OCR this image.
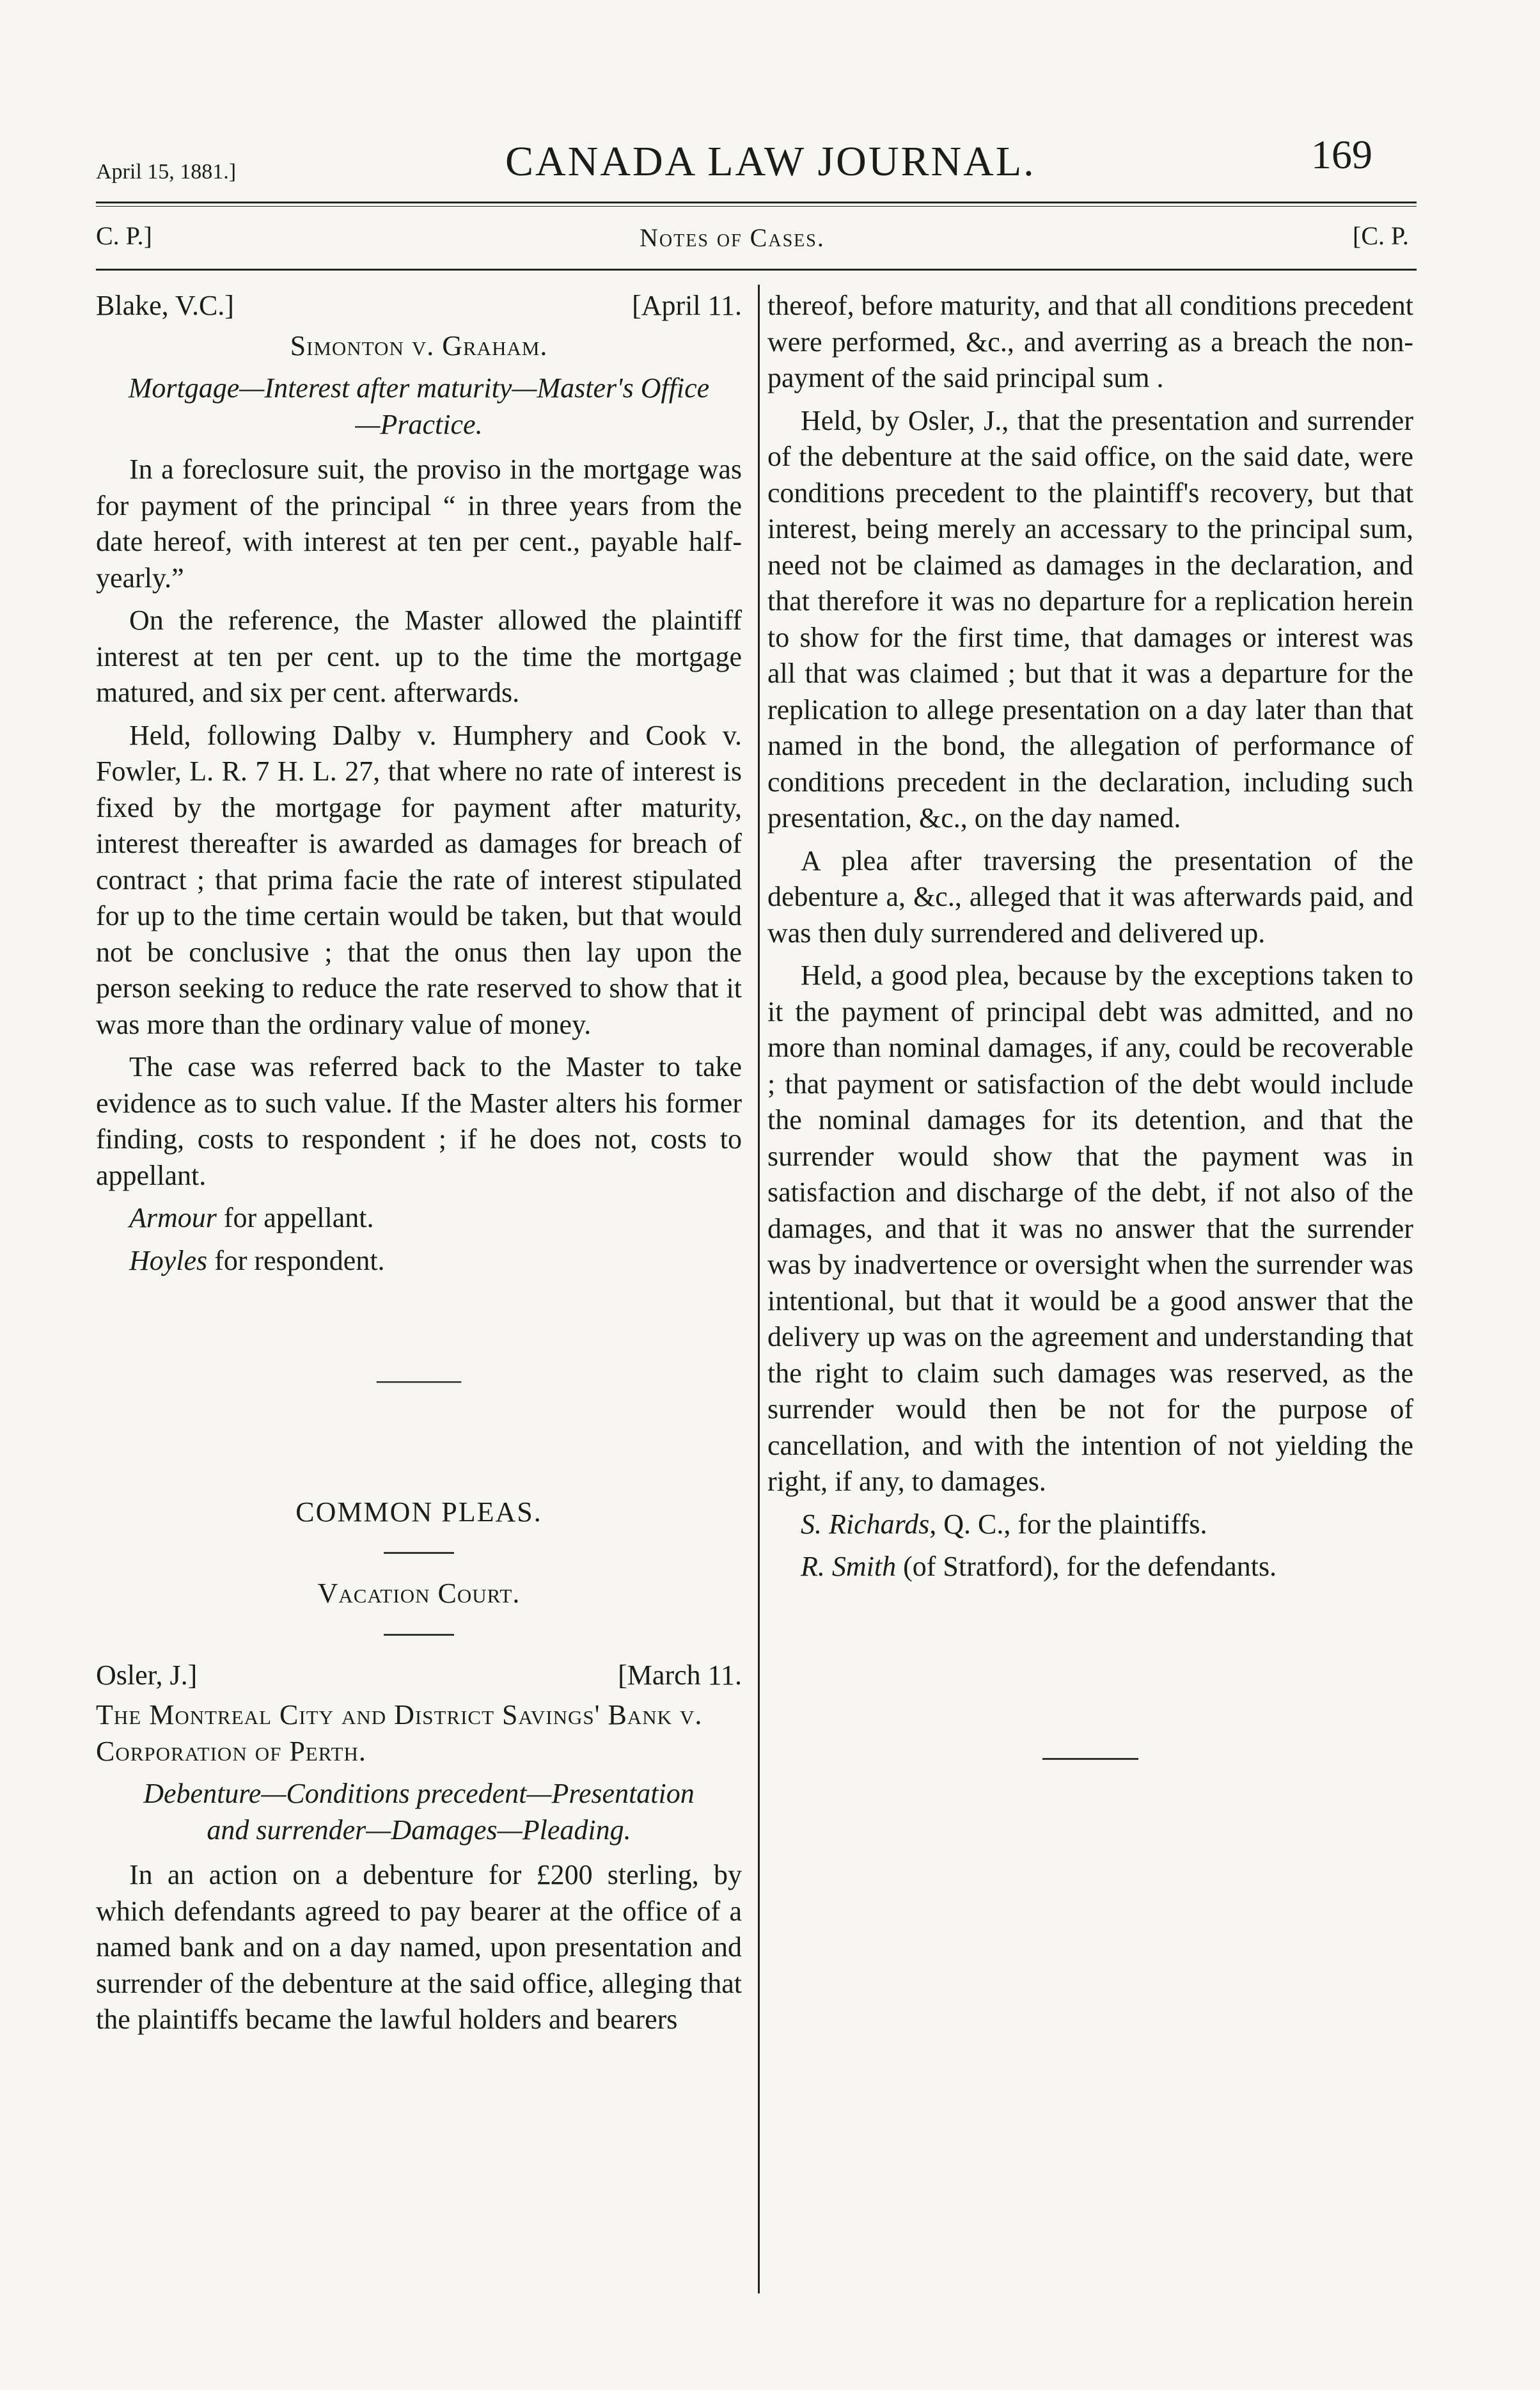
April 15, 1881.]	CANADA LAW JOURNAL.	169
C. P.]	Notes of Cases.	[C. P.
Blake, V.C.]	[April 11.
Simonton v. Graham.
Mortgage—Interest after maturity—Master's Office—Practice.

In a foreclosure suit, the proviso in the mortgage was for payment of the principal “ in three years from the date hereof, with interest at ten per cent., payable half-yearly.”

On the reference, the Master allowed the plaintiff interest at ten per cent. up to the time the mortgage matured, and six per cent. afterwards.

Held, following Dalby v. Humphery and Cook v. Fowler, L. R. 7 H. L. 27, that where no rate of interest is fixed by the mortgage for payment after maturity, interest thereafter is awarded as damages for breach of contract ; that prima facie the rate of interest stipulated for up to the time certain would be taken, but that would not be conclusive ; that the onus then lay upon the person seeking to reduce the rate reserved to show that it was more than the ordinary value of money.

The case was referred back to the Master to take evidence as to such value. If the Master alters his former finding, costs to respondent ; if he does not, costs to appellant.

Armour for appellant.

Hoyles for respondent.

———

COMMON PLEAS.

Vacation Court.

Osler, J.]	[March 11.
The Montreal City and District Savings' Bank v. Corporation of Perth.
Debenture—Conditions precedent—Presentation and surrender—Damages—Pleading.

In an action on a debenture for £200 sterling, by which defendants agreed to pay bearer at the office of a named bank and on a day named, upon presentation and surrender of the debenture at the said office, alleging that the plaintiffs became the lawful holders and bearers

thereof, before maturity, and that all conditions precedent were performed, &c., and averring as a breach the non-payment of the said principal sum .

Held, by Osler, J., that the presentation and surrender of the debenture at the said office, on the said date, were conditions precedent to the plaintiff's recovery, but that interest, being merely an accessary to the principal sum, need not be claimed as damages in the declaration, and that therefore it was no departure for a replication herein to show for the first time, that damages or interest was all that was claimed ; but that it was a departure for the replication to allege presentation on a day later than that named in the bond, the allegation of performance of conditions precedent in the declaration, including such presentation, &c., on the day named.

A plea after traversing the presentation of the debenture a, &c., alleged that it was afterwards paid, and was then duly surrendered and delivered up.

Held, a good plea, because by the exceptions taken to it the payment of principal debt was admitted, and no more than nominal damages, if any, could be recoverable ; that payment or satisfaction of the debt would include the nominal damages for its detention, and that the surrender would show that the payment was in satisfaction and discharge of the debt, if not also of the damages, and that it was no answer that the surrender was by inadvertence or oversight when the surrender was intentional, but that it would be a good answer that the delivery up was on the agreement and understanding that the right to claim such damages was reserved, as the surrender would then be not for the purpose of cancellation, and with the intention of not yielding the right, if any, to damages.

S. Richards, Q. C., for the plaintiffs.

R. Smith (of Stratford), for the defendants.
